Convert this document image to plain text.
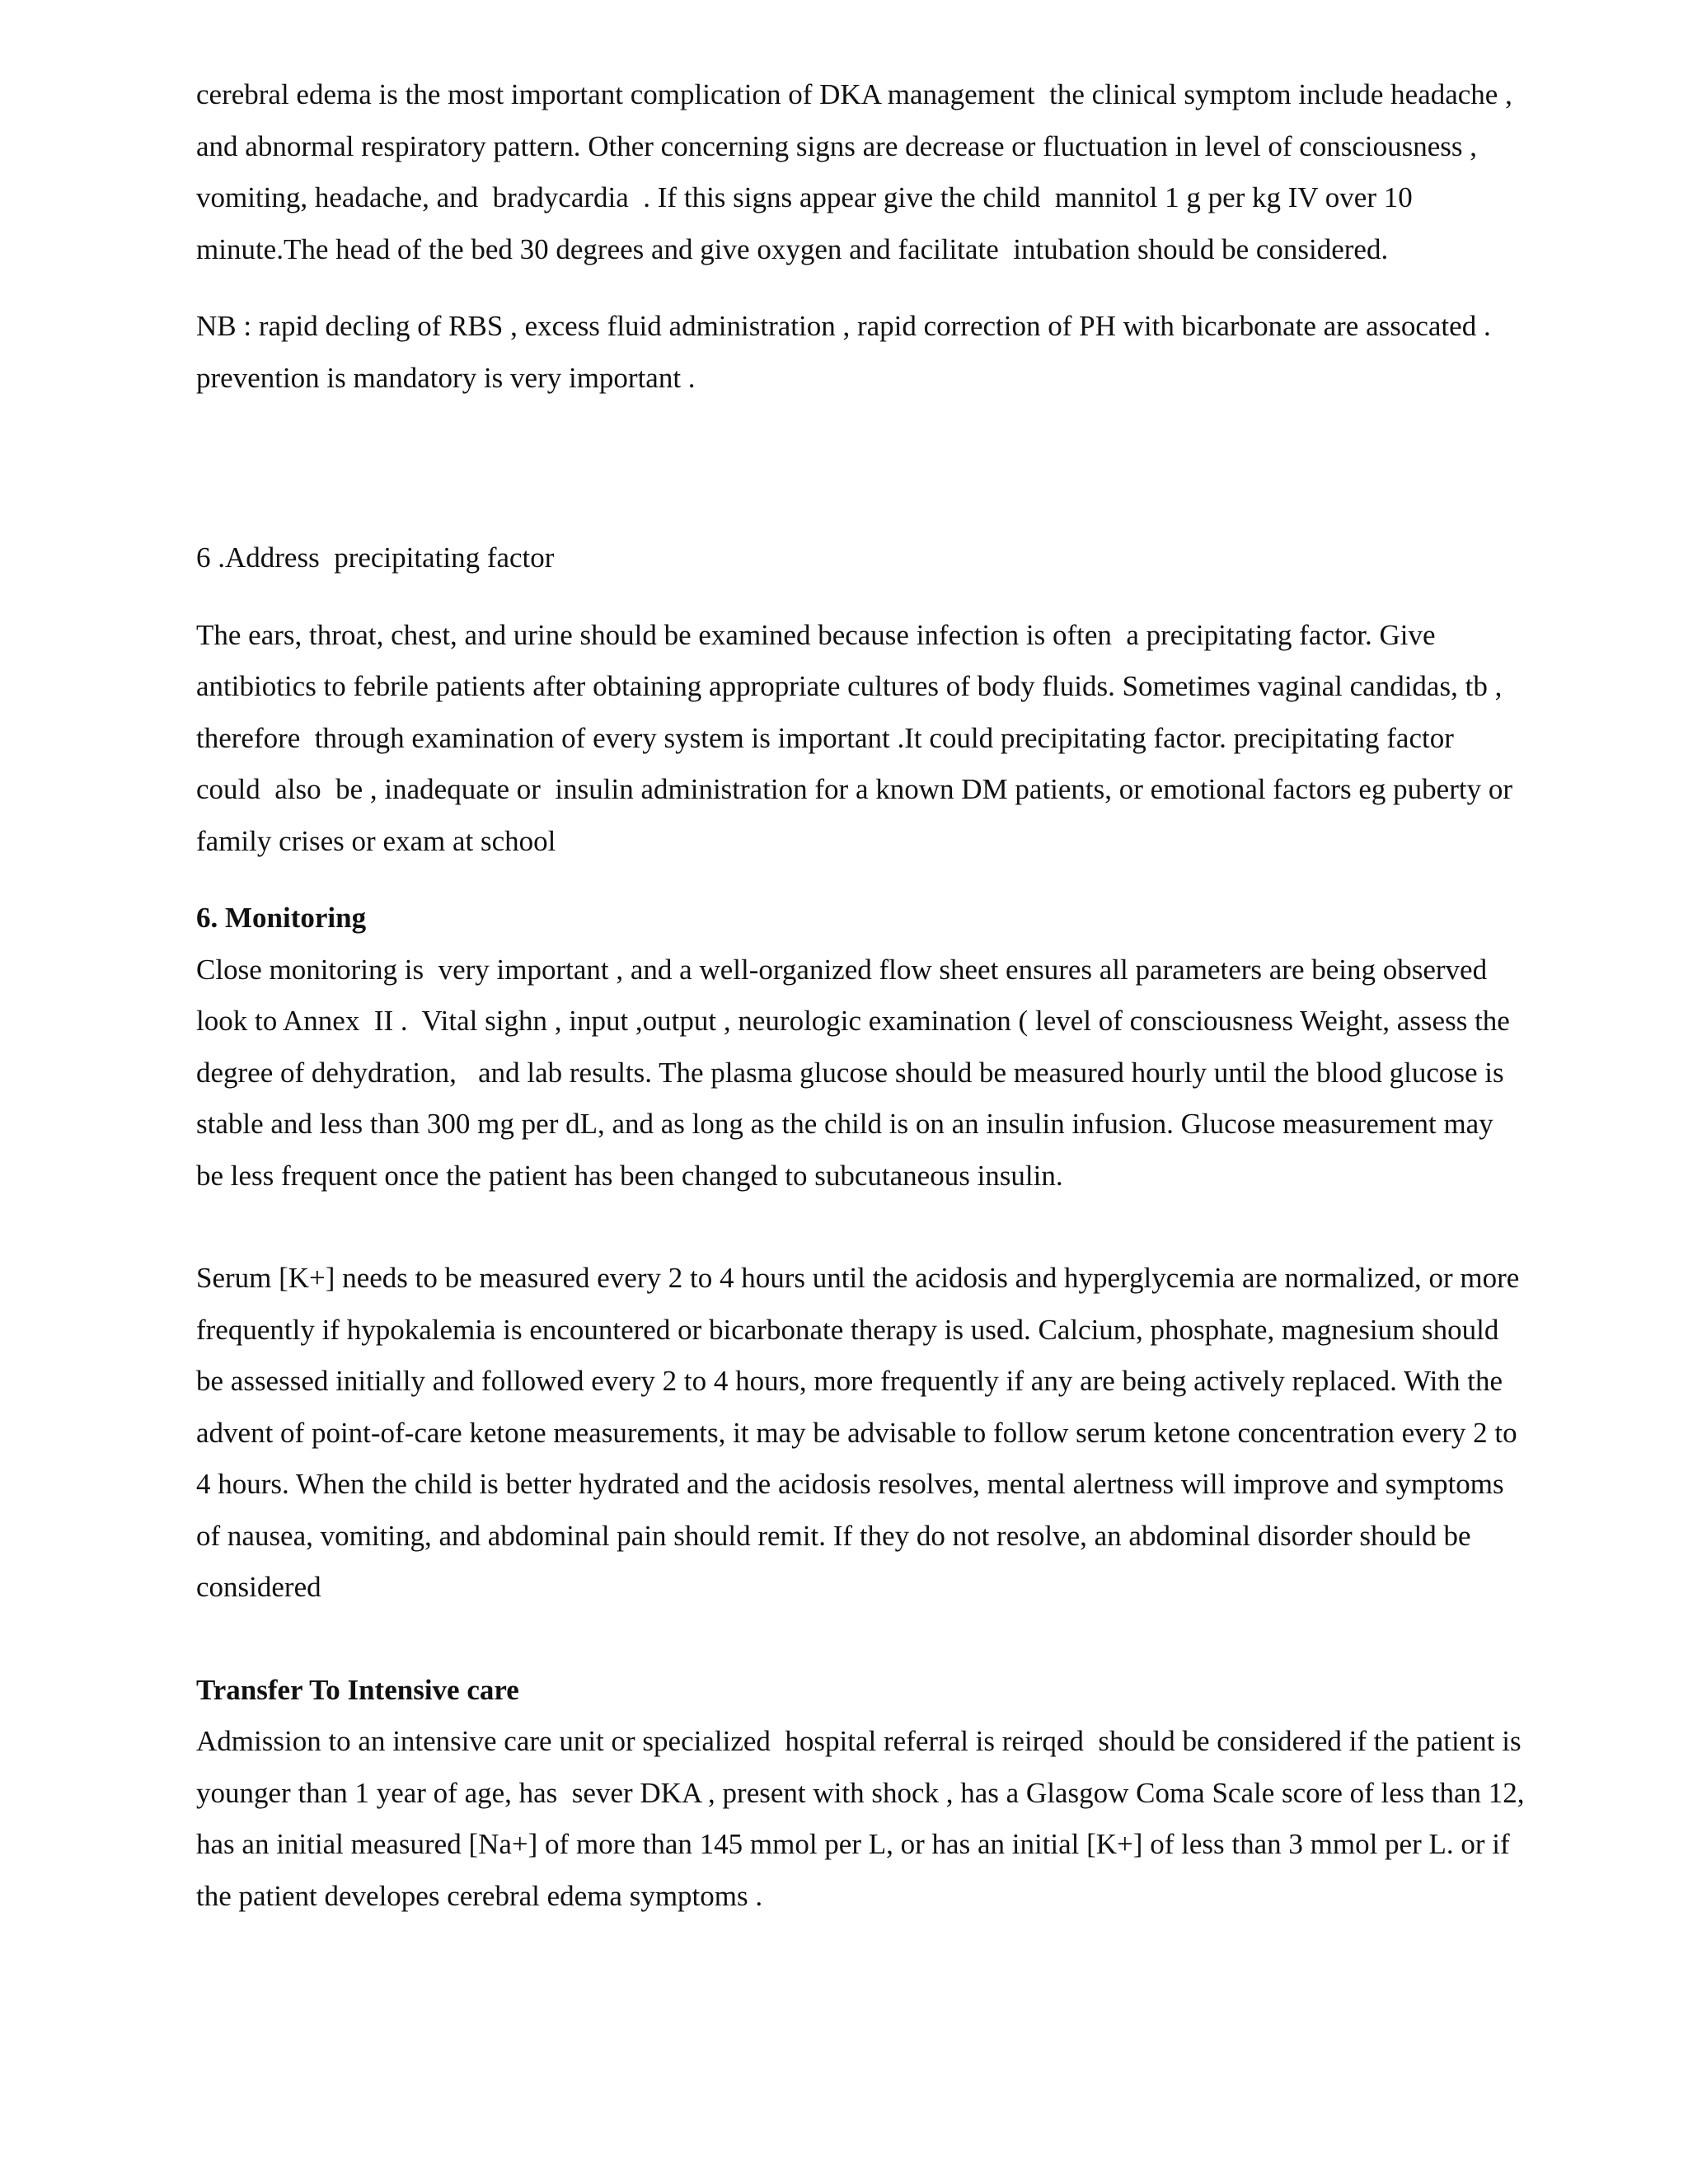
cerebral edema is the most important complication of DKA management  the clinical symptom include headache , and abnormal respiratory pattern. Other concerning signs are decrease or fluctuation in level of consciousness , vomiting, headache, and  bradycardia  . If this signs appear give the child  mannitol 1 g per kg IV over 10 minute.The head of the bed 30 degrees and give oxygen and facilitate  intubation should be considered.

NB : rapid decling of RBS , excess fluid administration , rapid correction of PH with bicarbonate are assocated . prevention is mandatory is very important .

6 .Address  precipitating factor

The ears, throat, chest, and urine should be examined because infection is often  a precipitating factor. Give antibiotics to febrile patients after obtaining appropriate cultures of body fluids. Sometimes vaginal candidas, tb , therefore  through examination of every system is important .It could precipitating factor. precipitating factor could  also  be , inadequate or  insulin administration for a known DM patients, or emotional factors eg puberty or family crises or exam at school

6. Monitoring

Close monitoring is  very important , and a well-organized flow sheet ensures all parameters are being observed look to Annex  II .  Vital sighn , input ,output , neurologic examination ( level of consciousness Weight, assess the degree of dehydration,   and lab results. The plasma glucose should be measured hourly until the blood glucose is stable and less than 300 mg per dL, and as long as the child is on an insulin infusion. Glucose measurement may be less frequent once the patient has been changed to subcutaneous insulin.

Serum [K+] needs to be measured every 2 to 4 hours until the acidosis and hyperglycemia are normalized, or more frequently if hypokalemia is encountered or bicarbonate therapy is used. Calcium, phosphate, magnesium should be assessed initially and followed every 2 to 4 hours, more frequently if any are being actively replaced. With the advent of point-of-care ketone measurements, it may be advisable to follow serum ketone concentration every 2 to 4 hours. When the child is better hydrated and the acidosis resolves, mental alertness will improve and symptoms of nausea, vomiting, and abdominal pain should remit. If they do not resolve, an abdominal disorder should be considered

Transfer To Intensive care

Admission to an intensive care unit or specialized  hospital referral is reirqed  should be considered if the patient is younger than 1 year of age, has  sever DKA , present with shock , has a Glasgow Coma Scale score of less than 12, has an initial measured [Na+] of more than 145 mmol per L, or has an initial [K+] of less than 3 mmol per L. or if the patient developes cerebral edema symptoms .
